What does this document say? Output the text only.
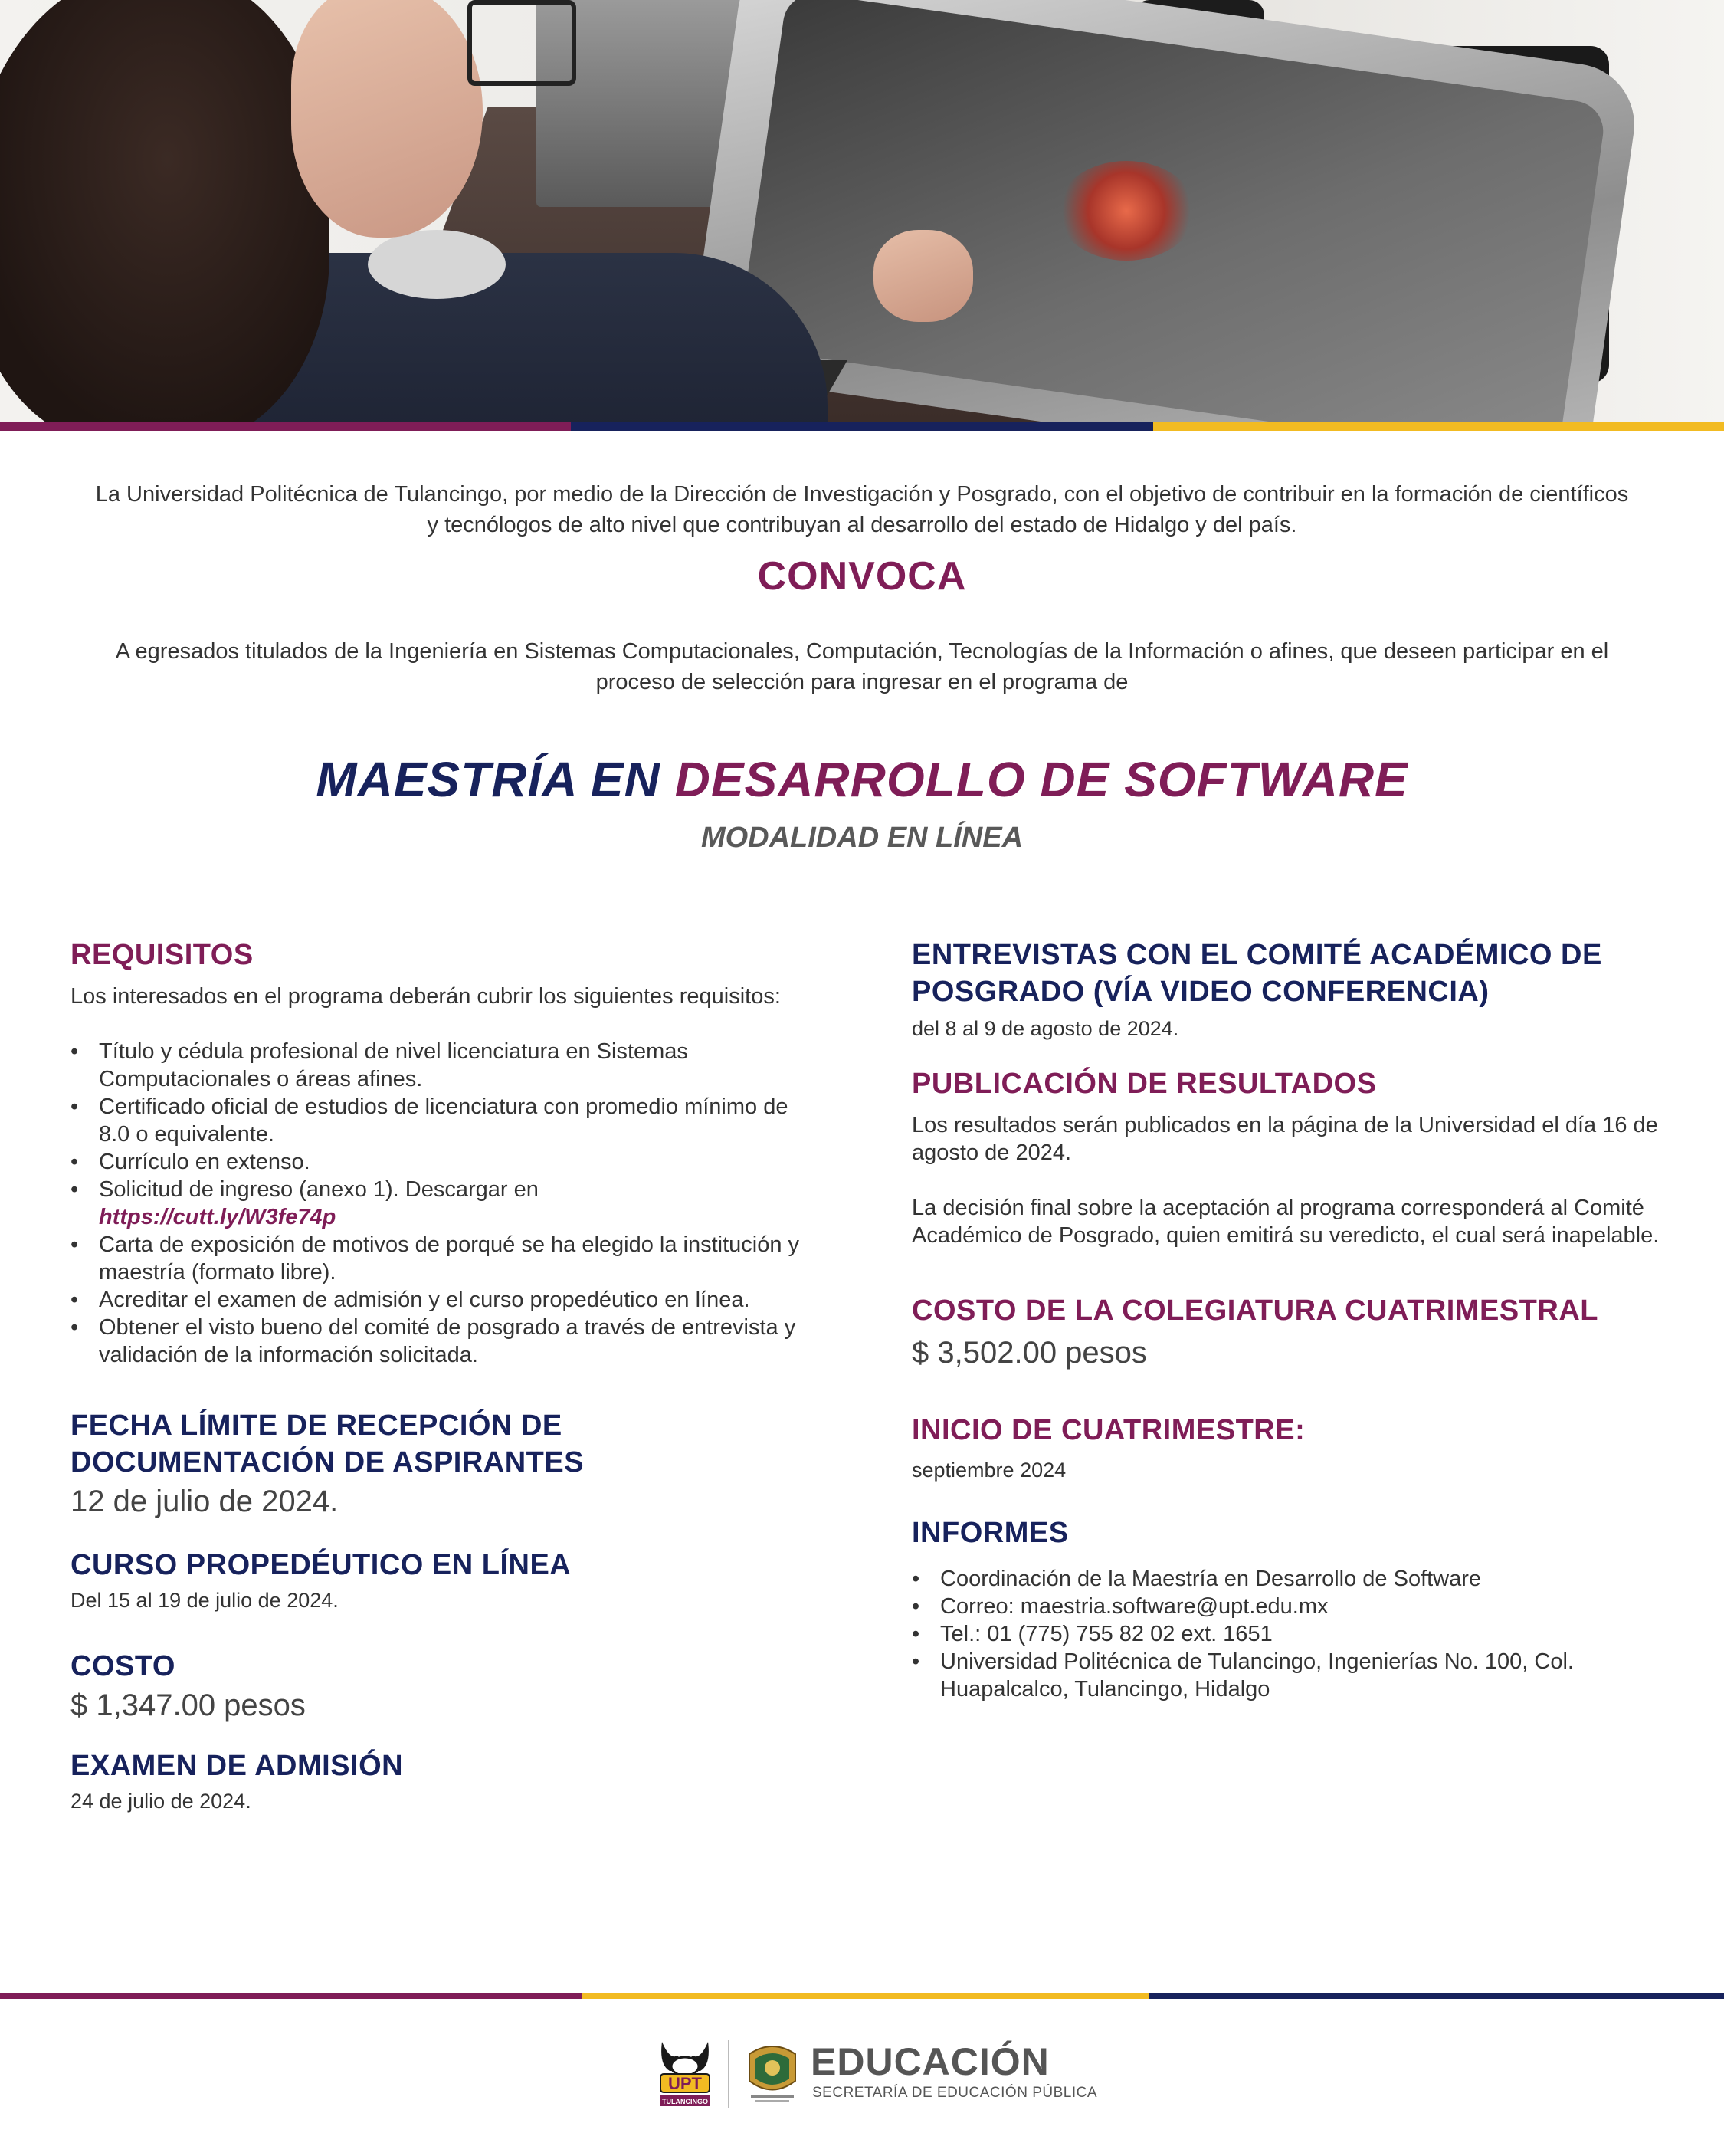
La Universidad Politécnica de Tulancingo, por medio de la Dirección de Investigación y Posgrado, con el objetivo de contribuir en la formación de científicos y tecnólogos de alto nivel que contribuyan al desarrollo del estado de Hidalgo y del país.
CONVOCA
A egresados titulados de la Ingeniería en Sistemas Computacionales, Computación, Tecnologías de la Información o afines, que deseen participar en el proceso de selección para ingresar en el programa de
MAESTRÍA EN DESARROLLO DE SOFTWARE
MODALIDAD EN LÍNEA
REQUISITOS

Los interesados en el programa deberán cubrir los siguientes requisitos:

• Título y cédula profesional de nivel licenciatura en Sistemas Computacionales o áreas afines.
• Certificado oficial de estudios de licenciatura con promedio mínimo de 8.0 o equivalente.
• Currículo en extenso.
• Solicitud de ingreso (anexo 1). Descargar en
https://cutt.ly/W3fe74p
• Carta de exposición de motivos de porqué se ha elegido la institución y maestría (formato libre).
• Acreditar el examen de admisión y el curso propedéutico en línea.
• Obtener el visto bueno del comité de posgrado a través de entrevista y validación de la información solicitada.
FECHA LÍMITE DE RECEPCIÓN DE DOCUMENTACIÓN DE ASPIRANTES

12 de julio de 2024.

CURSO PROPEDÉUTICO EN LÍNEA

Del 15 al 19 de julio de 2024.

COSTO

$ 1,347.00 pesos

EXAMEN DE ADMISIÓN

24 de julio de 2024.

ENTREVISTAS CON EL COMITÉ ACADÉMICO DE POSGRADO (VÍA VIDEO CONFERENCIA)

del 8 al 9 de agosto de 2024.

PUBLICACIÓN DE RESULTADOS

Los resultados serán publicados en la página de la Universidad el día 16 de agosto de 2024.

La decisión final sobre la aceptación al programa corresponderá al Comité Académico de Posgrado, quien emitirá su veredicto, el cual será inapelable.

COSTO DE LA COLEGIATURA CUATRIMESTRAL

$ 3,502.00 pesos

INICIO DE CUATRIMESTRE:

septiembre 2024

INFORMES
• Coordinación de la Maestría en Desarrollo de Software
• Correo: maestria.software@upt.edu.mx
• Tel.: 01 (775) 755 82 02 ext. 1651
• Universidad Politécnica de Tulancingo, Ingenierías No. 100, Col. Huapalcalco, Tulancingo, Hidalgo
UPT
TULANCINGO
EDUCACIÓN
SECRETARÍA DE EDUCACIÓN PÚBLICA
